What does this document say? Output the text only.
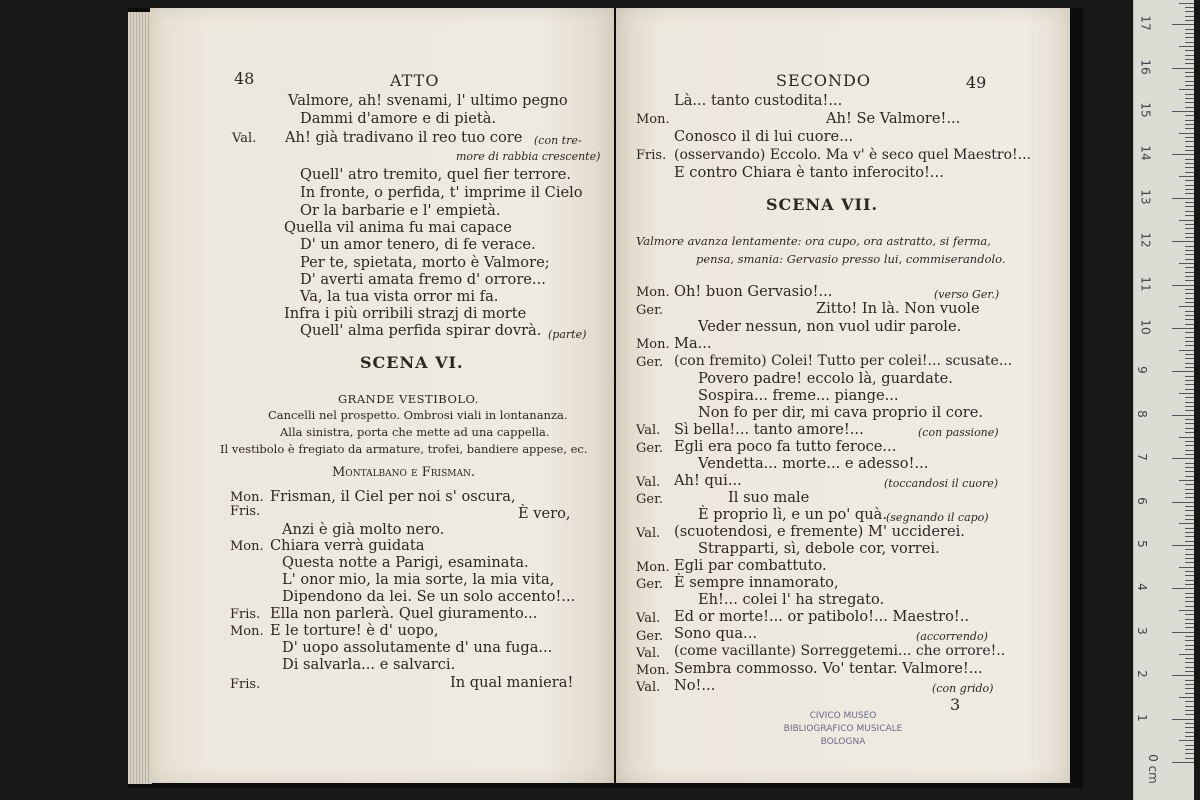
48	ATTO
Valmore, ah! svenami, l' ultimo pegno
Dammi d'amore e di pietà.
Val. Ah! già tradivano il reo tuo core (con tre-
more di rabbia crescente)
Quell' atro tremito, quel fier terrore.
In fronte, o perfida, t' imprime il Cielo
Or la barbarie e l' empietà.
Quella vil anima fu mai capace
D' un amor tenero, di fe verace.
Per te, spietata, morto è Valmore;
D' averti amata fremo d' orrore...
Va, la tua vista orror mi fa.
Infra i più orribili strazj di morte
Quell' alma perfida spirar dovrà. (parte)
SCENA VI.
GRANDE VESTIBOLO.
Cancelli nel prospetto. Ombrosi viali in lontananza.
Alla sinistra, porta che mette ad una cappella.
Il vestibolo è fregiato da armature, trofei, bandiere appese, ec.
Montalbano e Frisman.
Mon. Frisman, il Ciel per noi s' oscura,
Fris.	È vero,
Anzi è già molto nero.
Mon. Chiara verrà guidata
Questa notte a Parigi, esaminata.
L' onor mio, la mia sorte, la mia vita,
Dipendono da lei. Se un solo accento!...
Fris. Ella non parlerà. Quel giuramento...
Mon. E le torture! è d' uopo,
D' uopo assolutamente d' una fuga...
Di salvarla... e salvarci.
Fris.	In qual maniera!
SECONDO	49
Là... tanto custodita!...
Mon.	Ah! Se Valmore!...
Conosco il di lui cuore...
Fris. (osservando) Eccolo. Ma v' è seco quel Maestro!...
E contro Chiara è tanto inferocito!...
SCENA VII.
Valmore avanza lentamente: ora cupo, ora astratto, si ferma,
pensa, smania: Gervasio presso lui, commiserandolo.
Mon. Oh! buon Gervasio!...	(verso Ger.)
Ger.	Zitto! In là. Non vuole
Veder nessun, non vuol udir parole.
Mon. Ma...
Ger. (con fremito) Colei! Tutto per colei!... scusate...
Povero padre! eccolo là, guardate.
Sospira... freme... piange...
Non fo per dir, mi cava proprio il core.
Val. Sì bella!... tanto amore!...	(con passione)
Ger. Egli era poco fa tutto feroce...
Vendetta... morte... e adesso!...
Val. Ah! qui...	(toccandosi il cuore)
Ger.	Il suo male
È proprio lì, e un po' quà. (segnando il capo)
Val. (scuotendosi, e fremente) M' ucciderei.
Strapparti, sì, debole cor, vorrei.
Mon. Egli par combattuto.
Ger. È sempre innamorato,
Eh!... colei l' ha stregato.
Val. Ed or morte!... or patibolo!... Maestro!..
Ger. Sono qua...	(accorrendo)
Val. (come vacillante) Sorreggetemi... che orrore!..
Mon. Sembra commosso. Vo' tentar. Valmore!...
Val. No!...	(con grido)
3
CIVICO MUSEO
BIBLIOGRAFICO MUSICALE
BOLOGNA
0 cm
1
2
3
4
5
6
7
8
9
10
11
12
13
14
15
16
17
